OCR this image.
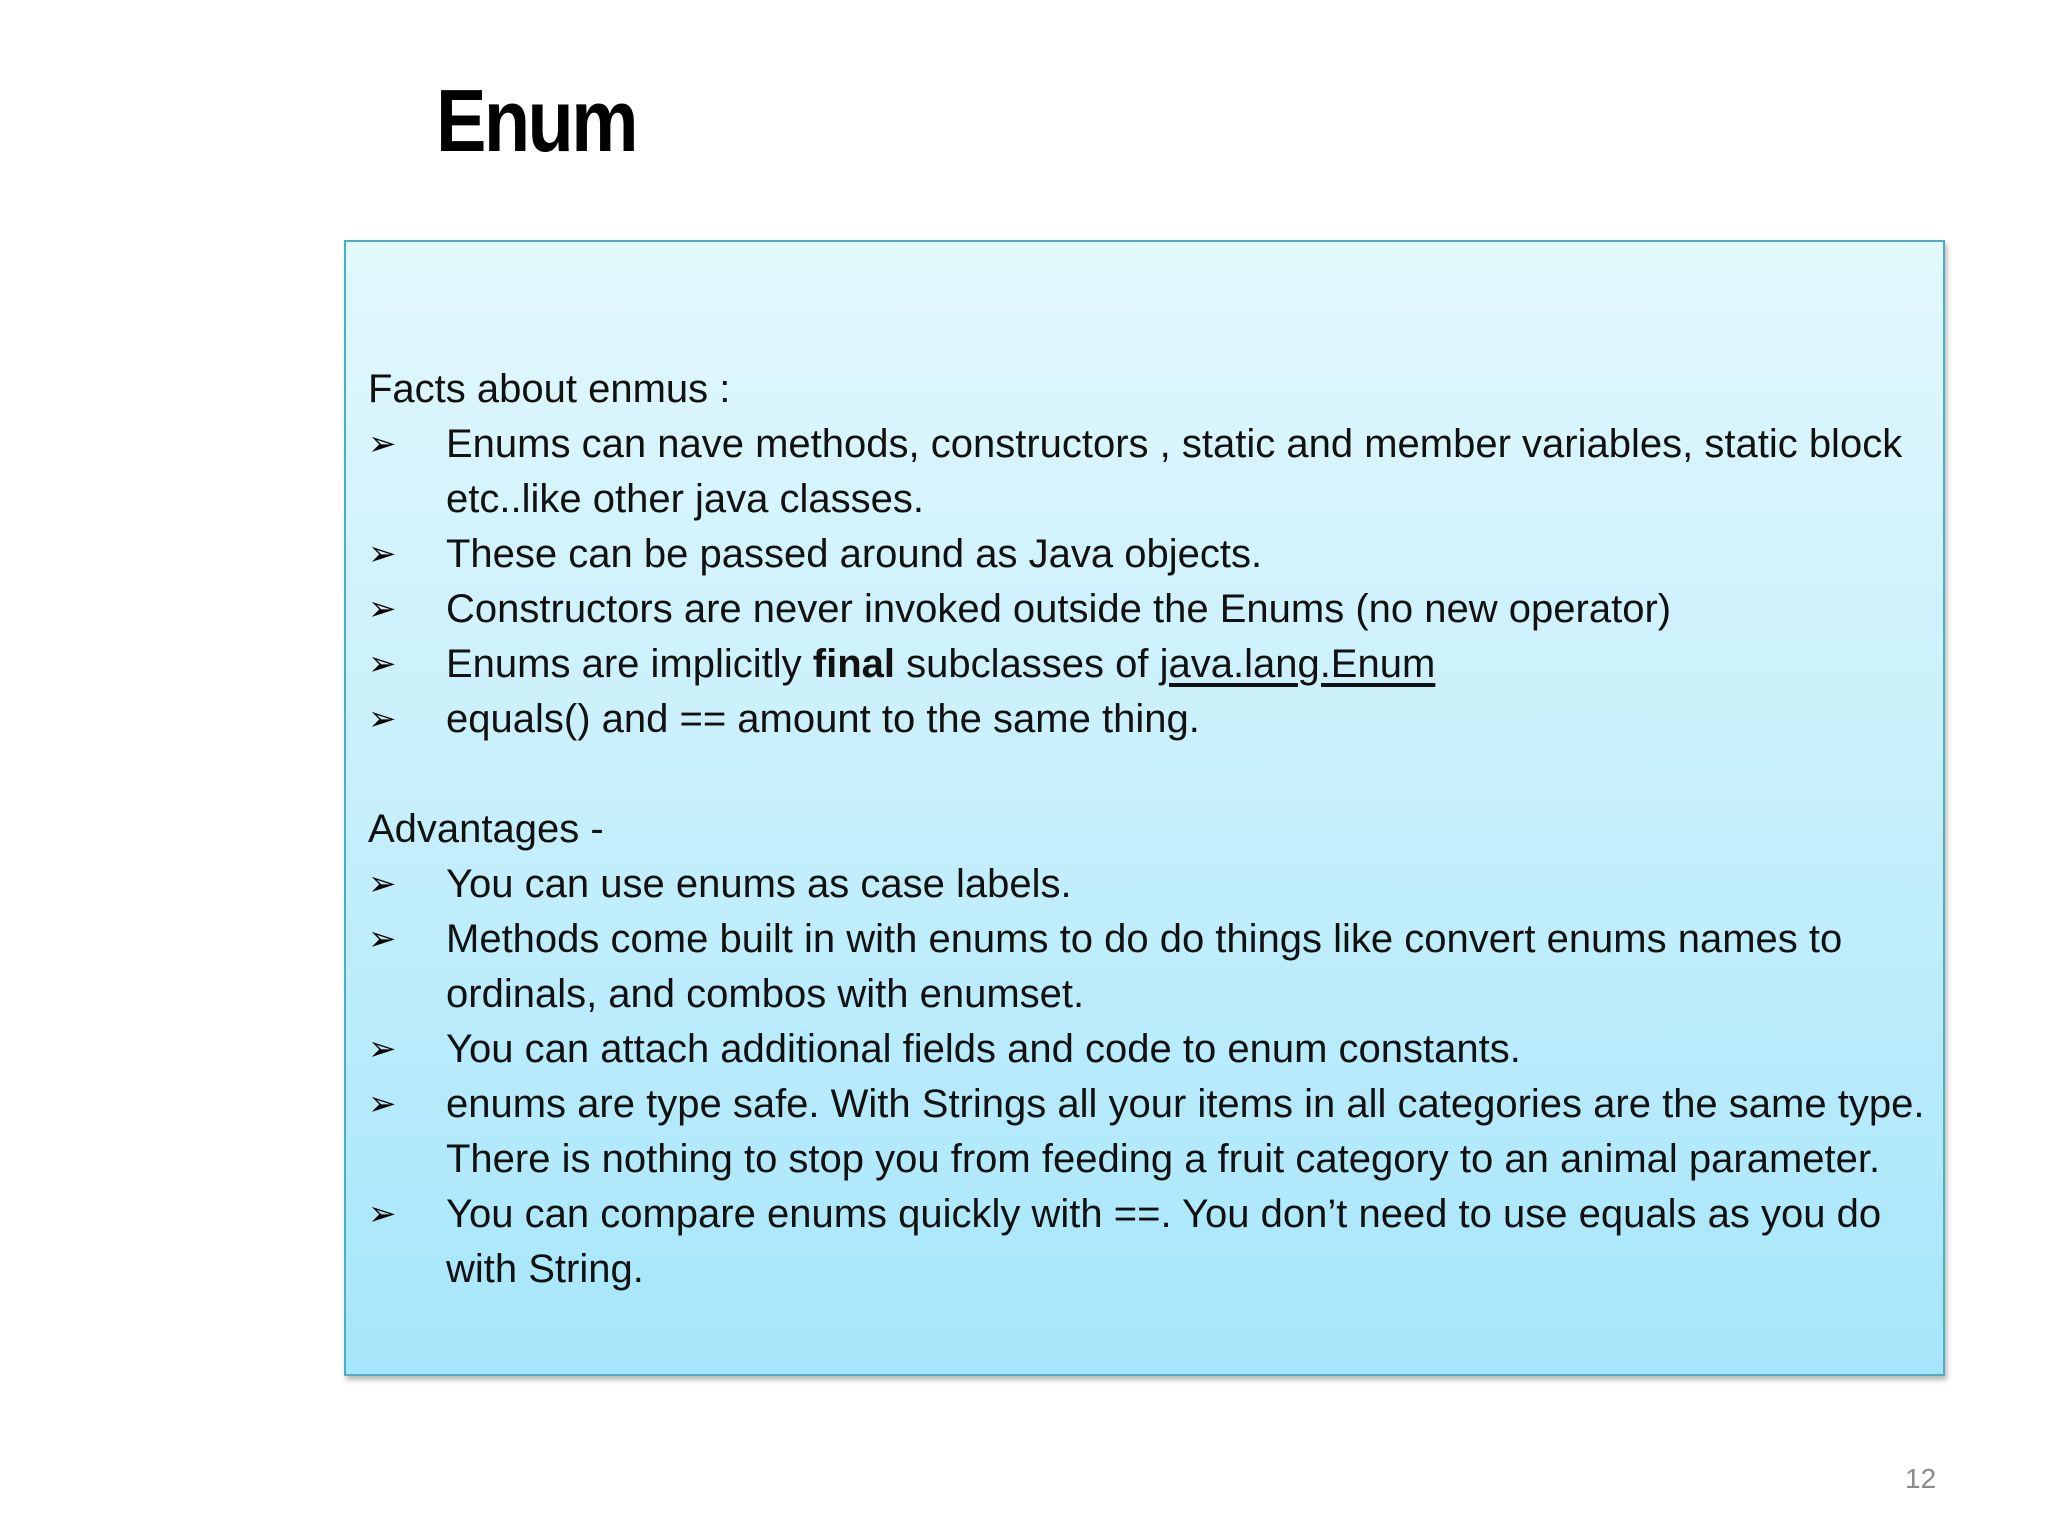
Enum
Facts about enmus :
➢	Enums can nave methods, constructors , static and member variables, static block etc..like other java classes.
➢	These can be passed around as Java objects.
➢	Constructors are never invoked outside the Enums (no new operator)
➢	Enums are implicitly final subclasses of java.lang.Enum
➢	equals() and == amount to the same thing.
Advantages -
➢	You can use enums as case labels.
➢	Methods come built in with enums to do do things like convert enums names to ordinals, and combos with enumset.
➢	You can attach additional fields and code to enum constants.
➢	enums are type safe. With Strings all your items in all categories are the same type. There is nothing to stop you from feeding a fruit category to an animal parameter.
➢	You can compare enums quickly with ==. You don’t need to use equals as you do with String.
12
